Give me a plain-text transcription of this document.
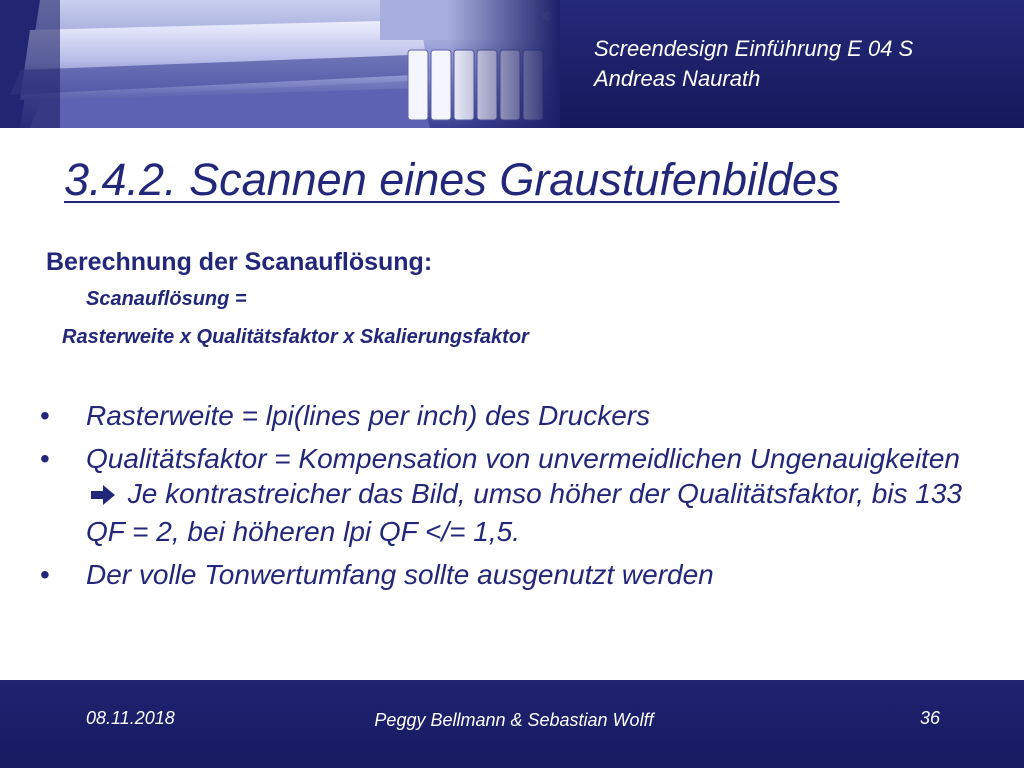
Screendesign Einführung E 04 S
Andreas Naurath
3.4.2. Scannen eines Graustufenbildes
Berechnung der Scanauflösung:
Scanauflösung =
Rasterweite x Qualitätsfaktor x Skalierungsfaktor
• Rasterweite = lpi(lines per inch) des Druckers
• Qualitätsfaktor = Kompensation von unvermeidlichen Ungenauigkeiten  Je kontrastreicher das Bild, umso höher der Qualitätsfaktor, bis 133 QF = 2, bei höheren lpi QF </= 1,5.
• Der volle Tonwertumfang sollte ausgenutzt werden
08.11.2018	Peggy Bellmann & Sebastian Wolff	36
